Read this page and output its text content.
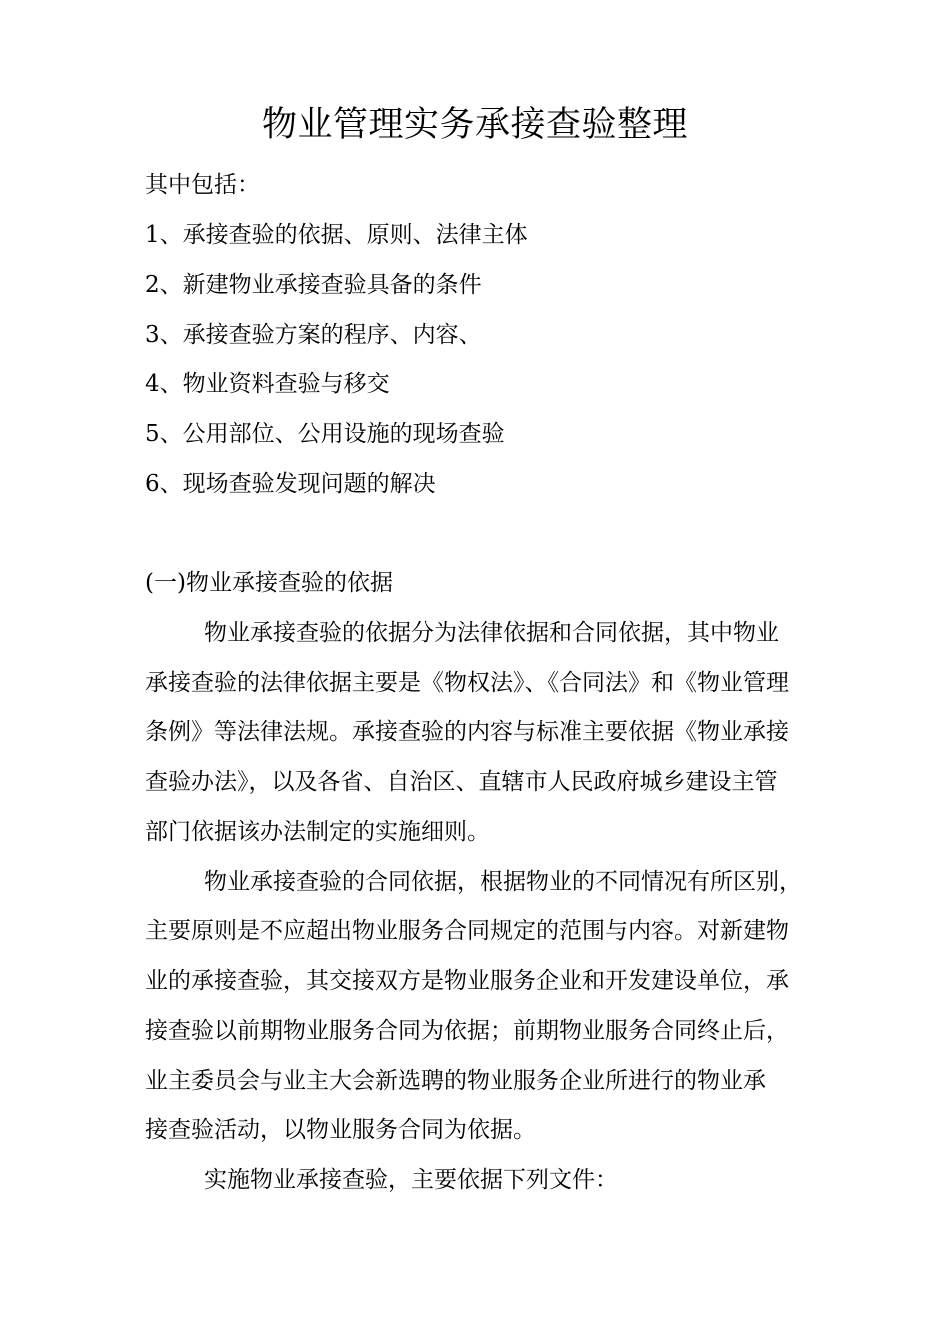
物业管理实务承接查验整理

其中包括：

1、承接查验的依据、原则、法律主体

2、新建物业承接查验具备的条件

3、承接查验方案的程序、内容、

4、物业资料查验与移交

5、公用部位、公用设施的现场查验

6、现场查验发现问题的解决

(一)物业承接查验的依据

物业承接查验的依据分为法律依据和合同依据，其中物业

承接查验的法律依据主要是《物权法》、《合同法》和《物业管理

条例》等法律法规。承接查验的内容与标准主要依据《物业承接

查验办法》，以及各省、自治区、直辖市人民政府城乡建设主管

部门依据该办法制定的实施细则。

物业承接查验的合同依据，根据物业的不同情况有所区别，

主要原则是不应超出物业服务合同规定的范围与内容。对新建物

业的承接查验，其交接双方是物业服务企业和开发建设单位，承

接查验以前期物业服务合同为依据；前期物业服务合同终止后，

业主委员会与业主大会新选聘的物业服务企业所进行的物业承

接查验活动，以物业服务合同为依据。

实施物业承接查验，主要依据下列文件：
